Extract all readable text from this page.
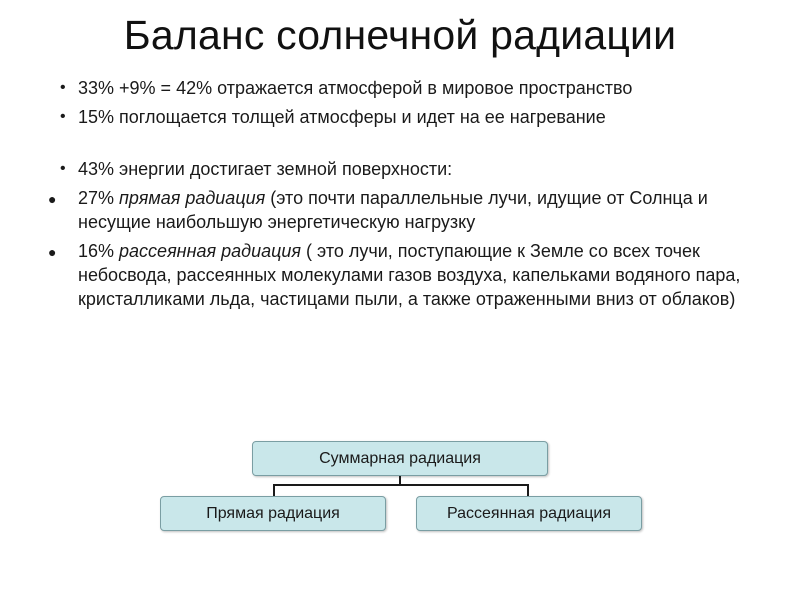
Баланс солнечной радиации
• 33% +9% = 42% отражается атмосферой в мировое пространство
• 15% поглощается толщей атмосферы и идет на ее нагревание
• 43% энергии достигает земной поверхности:
● 27% прямая радиация (это почти параллельные лучи, идущие от Солнца и несущие наибольшую энергетическую нагрузку
● 16% рассеянная радиация ( это лучи, поступающие к Земле со всех точек небосвода, рассеянных молекулами газов воздуха, капельками водяного пара, кристалликами льда, частицами пыли, а также отраженными вниз от облаков)
Суммарная радиация
Прямая радиация	Рассеянная радиация
